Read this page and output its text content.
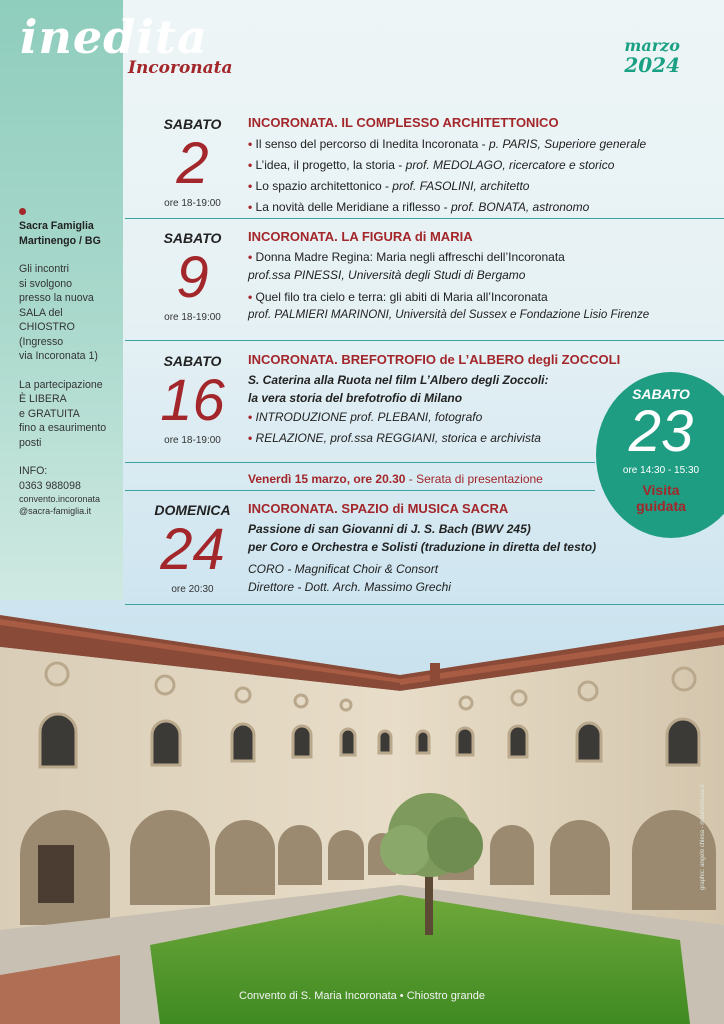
inedita
Incoronata
marzo
2024
Sacra Famiglia
Martinengo / BG
Gli incontri
si svolgono
presso la nuova
SALA del
CHIOSTRO
(Ingresso
via Incoronata 1)
La partecipazione
È LIBERA
e GRATUITA
fino a esaurimento
posti
INFO:
0363 988098
convento.incoronata
@sacra-famiglia.it
SABATO
2
ore 18-19:00
INCORONATA. IL COMPLESSO ARCHITETTONICO
• Il senso del percorso di Inedita Incoronata - p. PARIS, Superiore generale
• L’idea, il progetto, la storia - prof. MEDOLAGO, ricercatore e storico
• Lo spazio architettonico - prof. FASOLINI, architetto
• La novità delle Meridiane a riflesso - prof. BONATA, astronomo
SABATO
9
ore 18-19:00
INCORONATA. LA FIGURA di MARIA
• Donna Madre Regina: Maria negli affreschi dell’Incoronata
prof.ssa PINESSI, Università degli Studi di Bergamo
• Quel filo tra cielo e terra: gli abiti di Maria all’Incoronata
prof. PALMIERI MARINONI, Università del Sussex e Fondazione Lisio Firenze
SABATO
16
ore 18-19:00
INCORONATA. BREFOTROFIO de L’ALBERO degli ZOCCOLI
S. Caterina alla Ruota nel film L’Albero degli Zoccoli:
la vera storia del brefotrofio di Milano
• INTRODUZIONE prof. PLEBANI, fotografo
• RELAZIONE, prof.ssa REGGIANI, storica e archivista
Venerdì 15 marzo, ore 20.30 - Serata di presentazione
DOMENICA
24
ore 20:30
INCORONATA. SPAZIO di MUSICA SACRA
Passione di san Giovanni di J. S. Bach (BWV 245)
per Coro e Orchestra e Solisti (traduzione in diretta del testo)
CORO - Magnificat Choir & Consort
Direttore - Dott. Arch. Massimo Grechi
SABATO
23
ore 14:30 - 15:30
Visita
guidata
Convento di S. Maria Incoronata • Chiostro grande
graphic: angelo chiesa - mauriziosusa.it
